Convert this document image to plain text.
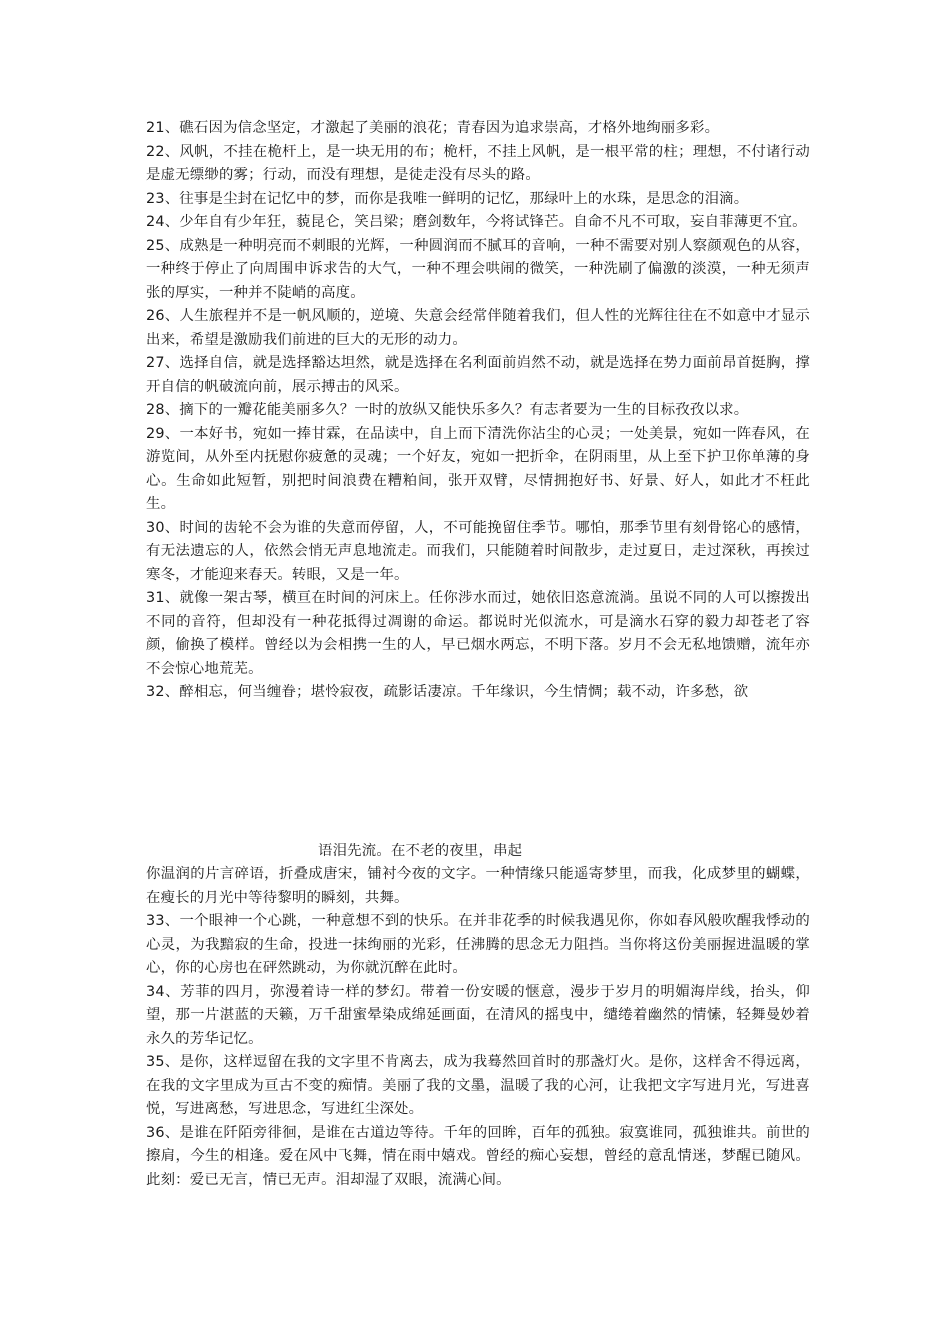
21、礁石因为信念坚定，才激起了美丽的浪花；青春因为追求崇高，才格外地绚丽多彩。

22、风帆，不挂在桅杆上，是一块无用的布；桅杆，不挂上风帆，是一根平常的柱；理想，不付诸行动是虚无缥缈的雾；行动，而没有理想，是徒走没有尽头的路。

23、往事是尘封在记忆中的梦，而你是我唯一鲜明的记忆，那绿叶上的水珠，是思念的泪滴。

24、少年自有少年狂，藐昆仑，笑吕梁；磨剑数年，今将试锋芒。自命不凡不可取，妄自菲薄更不宜。

25、成熟是一种明亮而不刺眼的光辉，一种圆润而不腻耳的音响，一种不需要对别人察颜观色的从容，一种终于停止了向周围申诉求告的大气，一种不理会哄闹的微笑，一种洗刷了偏激的淡漠，一种无须声张的厚实，一种并不陡峭的高度。

26、人生旅程并不是一帆风顺的，逆境、失意会经常伴随着我们，但人性的光辉往往在不如意中才显示出来，希望是激励我们前进的巨大的无形的动力。

27、选择自信，就是选择豁达坦然，就是选择在名利面前岿然不动，就是选择在势力面前昂首挺胸，撑开自信的帆破流向前，展示搏击的风采。

28、摘下的一瓣花能美丽多久？一时的放纵又能快乐多久？有志者要为一生的目标孜孜以求。

29、一本好书，宛如一捧甘霖，在品读中，自上而下清洗你沾尘的心灵；一处美景，宛如一阵春风，在游览间，从外至内抚慰你疲惫的灵魂；一个好友，宛如一把折伞，在阴雨里，从上至下护卫你单薄的身心。生命如此短暂，别把时间浪费在糟粕间，张开双臂，尽情拥抱好书、好景、好人，如此才不枉此生。

30、时间的齿轮不会为谁的失意而停留，人，不可能挽留住季节。哪怕，那季节里有刻骨铭心的感情，有无法遗忘的人，依然会悄无声息地流走。而我们，只能随着时间散步，走过夏日，走过深秋，再挨过寒冬，才能迎来春天。转眼，又是一年。

31、就像一架古琴，横亘在时间的河床上。任你涉水而过，她依旧恣意流淌。虽说不同的人可以擦拨出不同的音符，但却没有一种花抵得过凋谢的命运。都说时光似流水，可是滴水石穿的毅力却苍老了容颜，偷换了模样。曾经以为会相携一生的人，早已烟水两忘，不明下落。岁月不会无私地馈赠，流年亦不会惊心地荒芜。

32、醉相忘，何当缠眷；堪怜寂夜，疏影话凄凉。千年缘识，今生情惆；载不动，许多愁，欲

语泪先流。在不老的夜里，串起

你温润的片言碎语，折叠成唐宋，铺衬今夜的文字。一种情缘只能遥寄梦里，而我，化成梦里的蝴蝶，在瘦长的月光中等待黎明的瞬刻，共舞。

33、一个眼神一个心跳，一种意想不到的快乐。在并非花季的时候我遇见你，你如春风般吹醒我悸动的心灵，为我黯寂的生命，投进一抹绚丽的光彩，任沸腾的思念无力阻挡。当你将这份美丽握进温暖的掌心，你的心房也在砰然跳动，为你就沉醉在此时。

34、芳菲的四月，弥漫着诗一样的梦幻。带着一份安暖的惬意，漫步于岁月的明媚海岸线，抬头，仰望，那一片湛蓝的天籁，万千甜蜜晕染成绵延画面，在清风的摇曳中，缱绻着幽然的情愫，轻舞曼妙着永久的芳华记忆。

35、是你，这样逗留在我的文字里不肯离去，成为我蓦然回首时的那盏灯火。是你，这样舍不得远离，在我的文字里成为亘古不变的痴情。美丽了我的文墨，温暖了我的心河，让我把文字写进月光，写进喜悦，写进离愁，写进思念，写进红尘深处。

36、是谁在阡陌旁徘徊，是谁在古道边等待。千年的回眸，百年的孤独。寂寞谁同，孤独谁共。前世的擦肩，今生的相逢。爱在风中飞舞，情在雨中嬉戏。曾经的痴心妄想，曾经的意乱情迷，梦醒已随风。此刻：爱已无言，情已无声。泪却湿了双眼，流满心间。
